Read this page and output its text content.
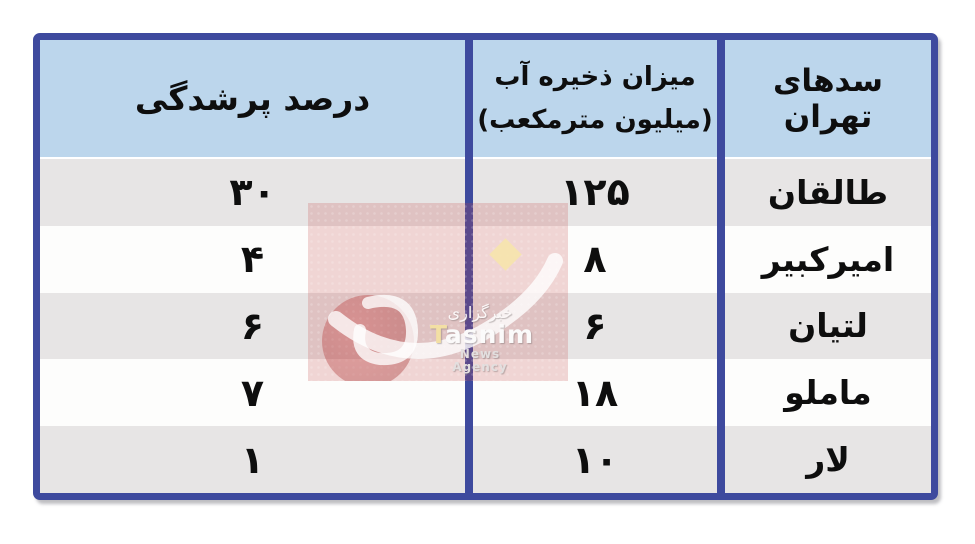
سدهای تهران
طالقان
امیرکبیر
لتیان
ماملو
لار
میزان ذخیره آب
(میلیون مترمکعب)
۱۲۵
۸
۶
۱۸
۱۰
درصد پرشدگی
۳۰
۴
۶
۷
۱
خبرگزاری
Tasnim
News Agency
